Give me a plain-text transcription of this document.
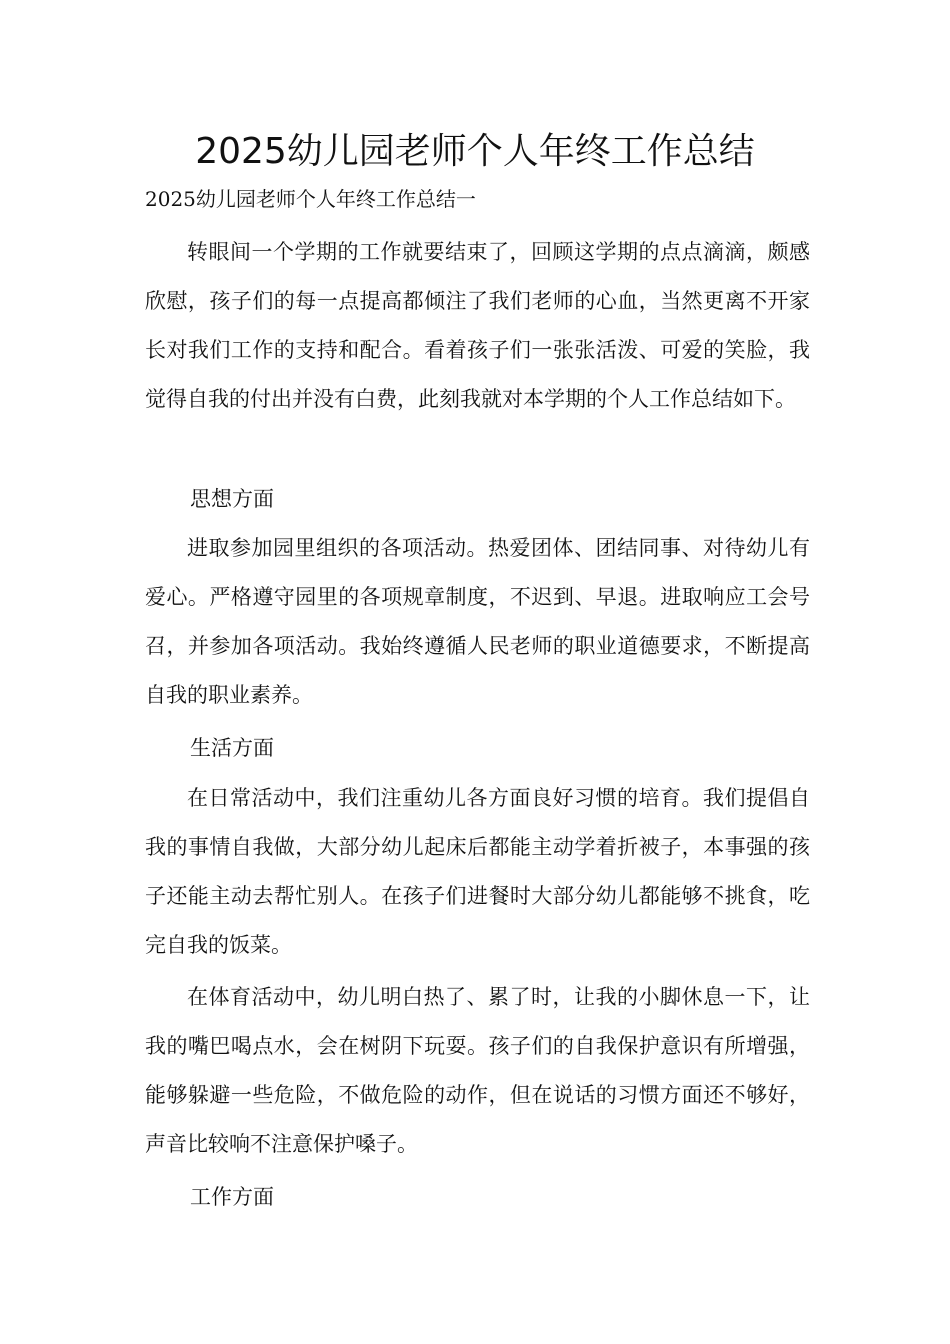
2025幼儿园老师个人年终工作总结

2025幼儿园老师个人年终工作总结一

转眼间一个学期的工作就要结束了，回顾这学期的点点滴滴，颇感欣慰，孩子们的每一点提高都倾注了我们老师的心血，当然更离不开家长对我们工作的支持和配合。看着孩子们一张张活泼、可爱的笑脸，我觉得自我的付出并没有白费，此刻我就对本学期的个人工作总结如下。

思想方面

进取参加园里组织的各项活动。热爱团体、团结同事、对待幼儿有爱心。严格遵守园里的各项规章制度，不迟到、早退。进取响应工会号召，并参加各项活动。我始终遵循人民老师的职业道德要求，不断提高自我的职业素养。

生活方面

在日常活动中，我们注重幼儿各方面良好习惯的培育。我们提倡自我的事情自我做，大部分幼儿起床后都能主动学着折被子，本事强的孩子还能主动去帮忙别人。在孩子们进餐时大部分幼儿都能够不挑食，吃完自我的饭菜。

在体育活动中，幼儿明白热了、累了时，让我的小脚休息一下，让我的嘴巴喝点水，会在树阴下玩耍。孩子们的自我保护意识有所增强，能够躲避一些危险，不做危险的动作，但在说话的习惯方面还不够好，声音比较响不注意保护嗓子。

工作方面
